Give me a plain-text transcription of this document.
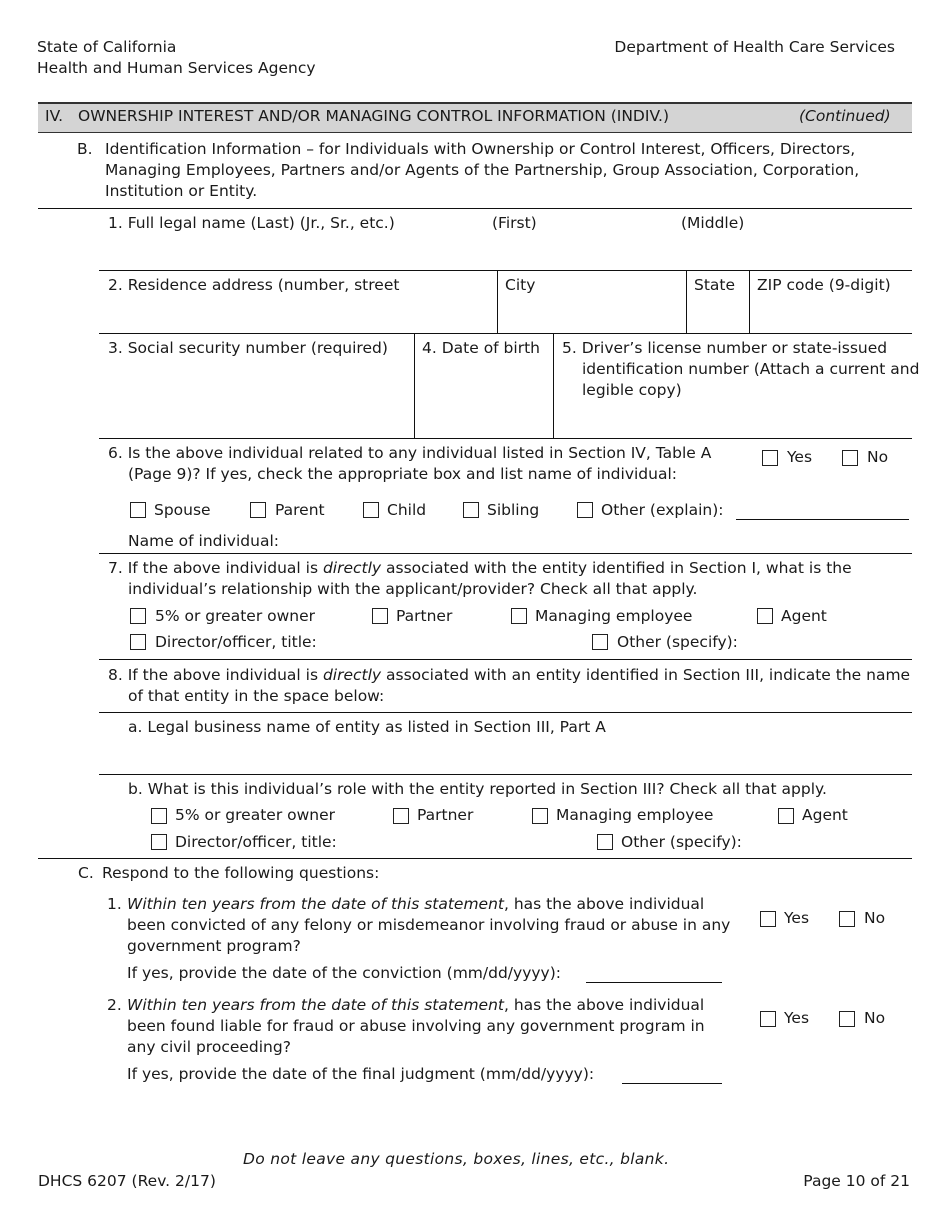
State of California
Health and Human Services Agency
Department of Health Care Services
IV. OWNERSHIP INTEREST AND/OR MANAGING CONTROL INFORMATION (INDIV.)	(Continued)
B. Identification Information – for Individuals with Ownership or Control Interest, Officers, Directors, Managing Employees, Partners and/or Agents of the Partnership, Group Association, Corporation, Institution or Entity.
1. Full legal name (Last) (Jr., Sr., etc.)	(First)	(Middle)
2. Residence address (number, street	City	State ZIP code (9-digit)
3. Social security number (required) 4. Date of birth 5. Driver’s license number or state-issued identification number (Attach a current and legible copy)
6. Is the above individual related to any individual listed in Section IV, Table A (Page 9)? If yes, check the appropriate box and list name of individual:
Yes	No
Spouse	Parent	Child	Sibling	Other (explain):
Name of individual:
7. If the above individual is directly associated with the entity identified in Section I, what is the individual’s relationship with the applicant/provider? Check all that apply.
5% or greater owner	Partner	Managing employee	Agent
Director/officer, title:	Other (specify):
8. If the above individual is directly associated with an entity identified in Section III, indicate the name of that entity in the space below:
a. Legal business name of entity as listed in Section III, Part A
b. What is this individual’s role with the entity reported in Section III? Check all that apply.
5% or greater owner	Partner	Managing employee	Agent
Director/officer, title:	Other (specify):
C. Respond to the following questions:
1. Within ten years from the date of this statement, has the above individual been convicted of any felony or misdemeanor involving fraud or abuse in any government program?
If yes, provide the date of the conviction (mm/dd/yyyy):
Yes	No
2. Within ten years from the date of this statement, has the above individual been found liable for fraud or abuse involving any government program in any civil proceeding?
If yes, provide the date of the final judgment (mm/dd/yyyy):
Yes	No
Do not leave any questions, boxes, lines, etc., blank.
DHCS 6207 (Rev. 2/17)	Page 10 of 21
